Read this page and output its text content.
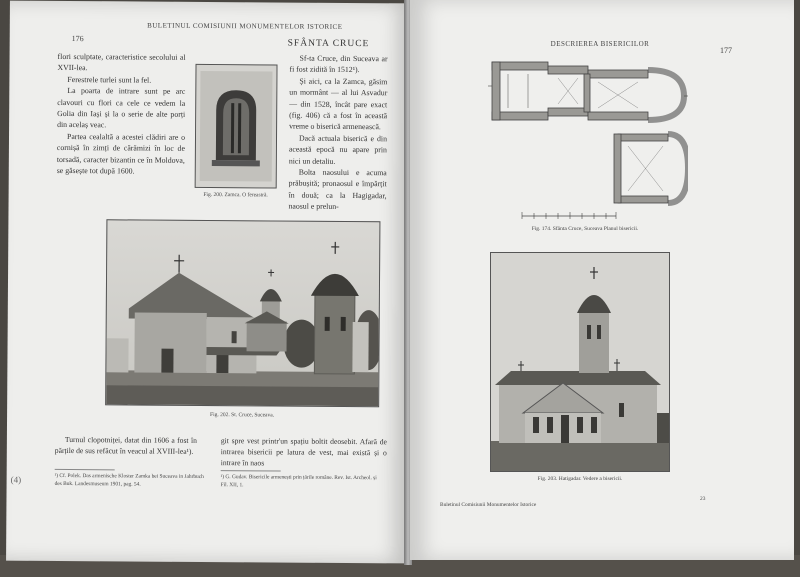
176
BULETINUL COMISIUNII MONUMENTELOR ISTORICE
SFÂNTA CRUCE

flori sculptate, caracteristice secolului al XVII-lea.

Ferestrele turlei sunt la fel.

La poarta de intrare sunt pe arc clavouri cu flori ca cele ce vedem la Golia din Iași și la o serie de alte porți din acelaș veac.

Partea cealaltă a acestei clădiri are o cornișă în zimți de cărămizi în loc de torsadă, caracter bizantin ce în Moldova, se găsește tot după 1600.

Fig. 200. Zamca. O fereastră.

Sf-ta Cruce, din Suceava ar fi fost zidită în 1512¹).

Și aici, ca la Zamca, găsim un mormânt — al lui Asvadur — din 1528, încât pare exact (fig. 406) că a fost în această vreme o biserică armenească.

Dacă actuala biserică e din această epocă nu apare prin nici un detaliu.

Bolta naosului e acuma prăbușită; pronaosul e împărțit în două; ca la Hagigadar, naosul e prelun-

Fig. 202. St. Cruce, Suceava.

Turnul clopotniței, datat din 1606 a fost în părțile de sus refăcut în veacul al XVIII-lea¹).

git spre vest printr'un spațiu boltit deosebit. Afară de intrarea bisericii pe latura de vest, mai există și o intrare în naos

¹) Cf. Polek. Das armenische Kloster Zamka bei Suceava in Jahrbuch des Buk. Landesmuseum 1901, pag. 54.
¹) G. Gudav. Bisericile armenești prin țările române. Rev. Ist. Archeol. și Fil. XII, 1.
(4)
DESCRIEREA BISERICILOR
177
Fig. 174. Sfânta Cruce, Suceava Planul bisericii.
Fig. 203. Hatigadar. Vedere a bisericii.
Buletinul Comisiunii Monumentelor Istorice
23
